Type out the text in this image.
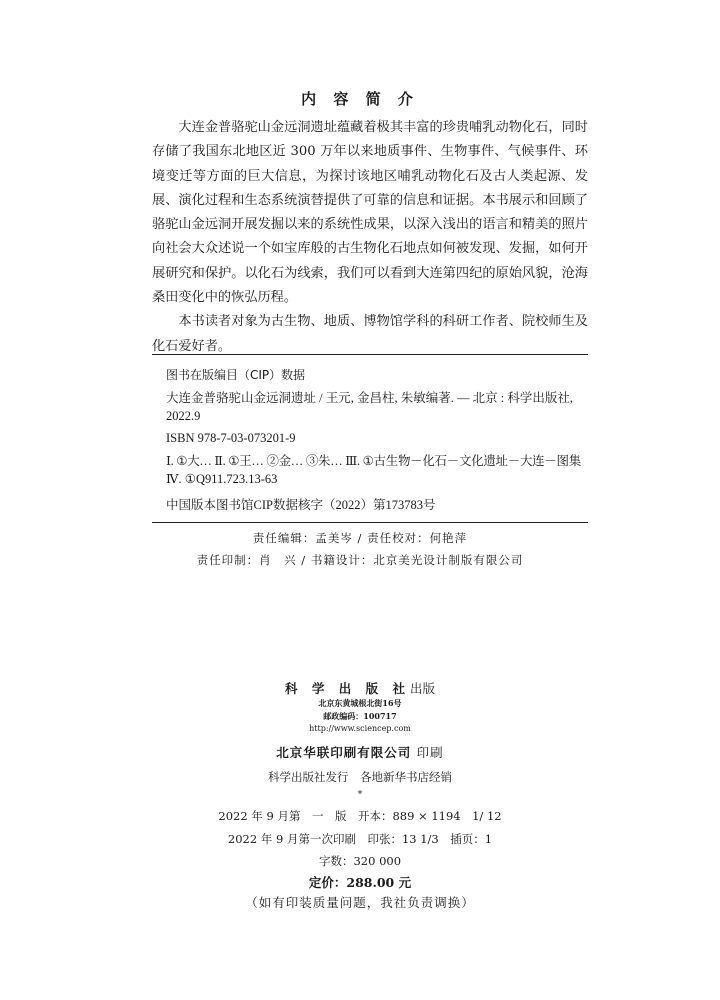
内 容 简 介

大连金普骆驼山金远洞遗址蕴藏着极其丰富的珍贵哺乳动物化石，同时存储了我国东北地区近 300 万年以来地质事件、生物事件、气候事件、环境变迁等方面的巨大信息，为探讨该地区哺乳动物化石及古人类起源、发展、演化过程和生态系统演替提供了可靠的信息和证据。本书展示和回顾了骆驼山金远洞开展发掘以来的系统性成果，以深入浅出的语言和精美的照片向社会大众述说一个如宝库般的古生物化石地点如何被发现、发掘，如何开展研究和保护。以化石为线索，我们可以看到大连第四纪的原始风貌，沧海桑田变化中的恢弘历程。

本书读者对象为古生物、地质、博物馆学科的科研工作者、院校师生及化石爱好者。

图书在版编目（CIP）数据
大连金普骆驼山金远洞遗址 / 王元, 金昌柱, 朱敏编著. — 北京 : 科学出版社, 2022.9
ISBN 978-7-03-073201-9
Ⅰ. ①大… Ⅱ. ①王… ②金… ③朱… Ⅲ. ①古生物－化石－文化遗址－大连－图集
Ⅳ. ①Q911.723.13-63
中国版本图书馆CIP数据核字（2022）第173783号
责任编辑：孟美岑 / 责任校对：何艳萍
责任印制：肖　兴 / 书籍设计：北京美光设计制版有限公司
科 学 出 版 社出版
北京东黄城根北街16号
邮政编码：100717
http://www.sciencep.com
北京华联印刷有限公司 印刷
科学出版社发行　各地新华书店经销
*
2022 年 9 月第　一　版　开本：889 × 1194　1/ 12
2022 年 9 月第一次印刷　印张：13 1/3　插页：1
字数：320 000
定价：288.00 元
（如有印装质量问题，我社负责调换）
